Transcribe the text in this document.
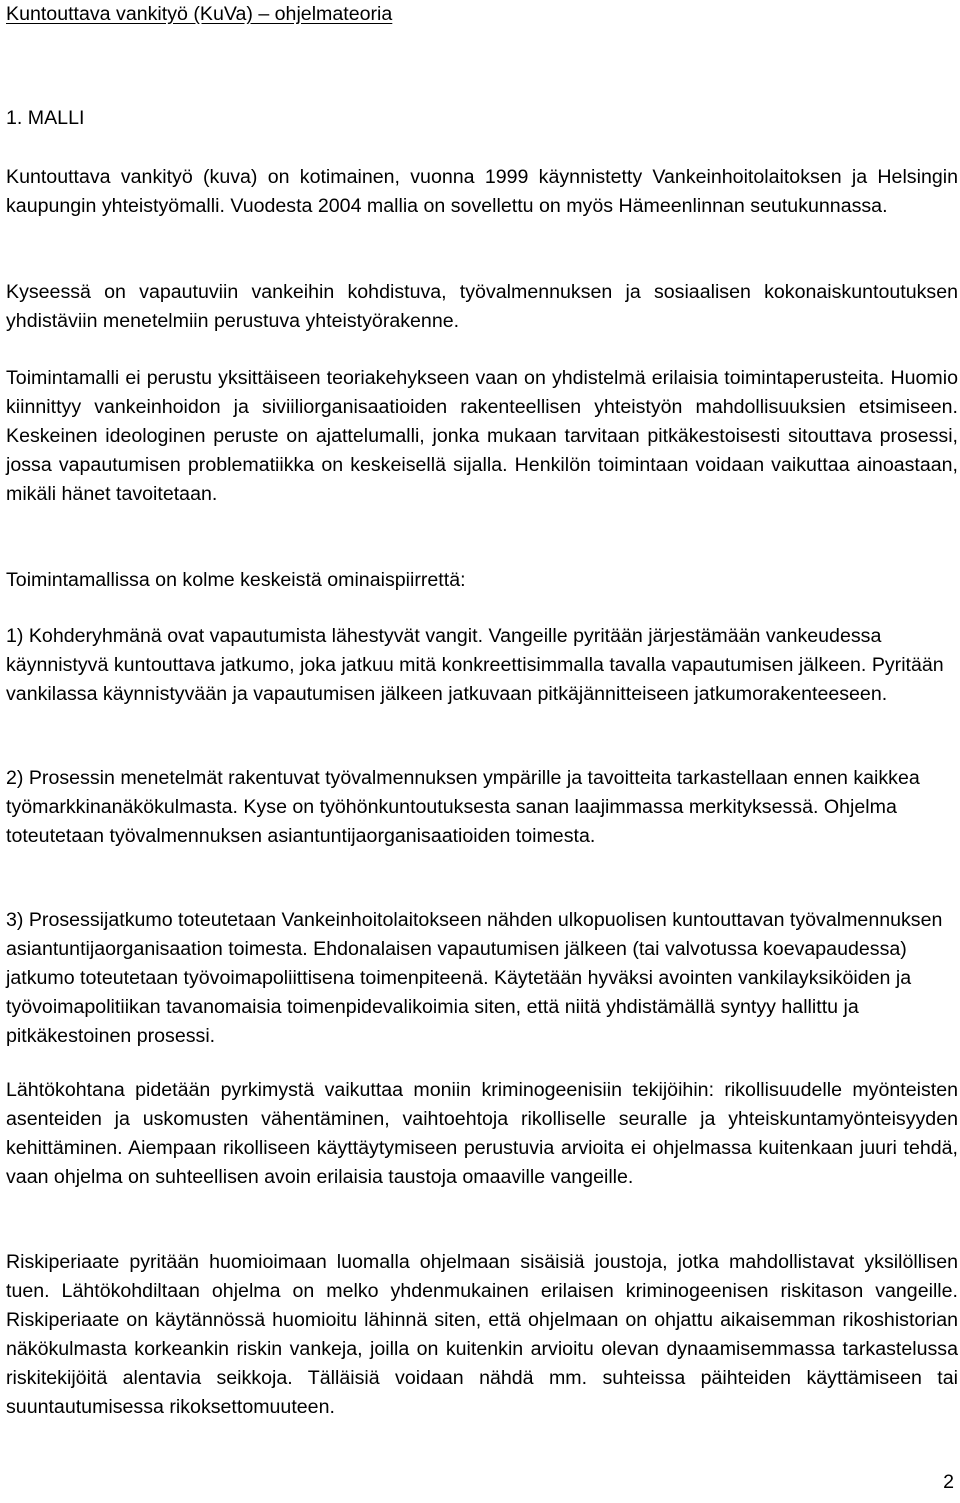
Kuntouttava vankityö (KuVa) – ohjelmateoria
1. MALLI

Kuntouttava vankityö (kuva) on kotimainen, vuonna 1999 käynnistetty Vankeinhoitolaitoksen ja Helsingin kaupungin yhteistyömalli. Vuodesta 2004 mallia on sovellettu on myös Hämeenlinnan seutukunnassa.

Kyseessä on vapautuviin vankeihin kohdistuva, työvalmennuksen ja sosiaalisen kokonaiskuntoutuksen yhdistäviin menetelmiin perustuva yhteistyörakenne.

Toimintamalli ei perustu yksittäiseen teoriakehykseen vaan on yhdistelmä erilaisia toimintaperusteita. Huomio kiinnittyy vankeinhoidon ja siviiliorganisaatioiden rakenteellisen yhteistyön mahdollisuuksien etsimiseen. Keskeinen ideologinen peruste on ajattelumalli, jonka mukaan tarvitaan pitkäkestoisesti sitouttava prosessi, jossa vapautumisen problematiikka on keskeisellä sijalla. Henkilön toimintaan voidaan vaikuttaa ainoastaan, mikäli hänet tavoitetaan.

Toimintamallissa on kolme keskeistä ominaispiirrettä:

1) Kohderyhmänä ovat vapautumista lähestyvät vangit. Vangeille pyritään järjestämään vankeudessa käynnistyvä kuntouttava jatkumo, joka jatkuu mitä konkreettisimmalla tavalla vapautumisen jälkeen. Pyritään vankilassa käynnistyvään ja vapautumisen jälkeen jatkuvaan pitkäjännitteiseen jatkumorakenteeseen.

2) Prosessin menetelmät rakentuvat työvalmennuksen ympärille ja tavoitteita tarkastellaan ennen kaikkea työmarkkinanäkökulmasta. Kyse on työhönkuntoutuksesta sanan laajimmassa merkityksessä. Ohjelma toteutetaan työvalmennuksen asiantuntijaorganisaatioiden toimesta.

3) Prosessijatkumo toteutetaan Vankeinhoitolaitokseen nähden ulkopuolisen kuntouttavan työvalmennuksen asiantuntijaorganisaation toimesta. Ehdonalaisen vapautumisen jälkeen (tai valvotussa koevapaudessa) jatkumo toteutetaan työvoimapoliittisena toimenpiteenä. Käytetään hyväksi avointen vankilayksiköiden ja työvoimapolitiikan tavanomaisia toimenpidevalikoimia siten, että niitä yhdistämällä syntyy hallittu ja pitkäkestoinen prosessi.

Lähtökohtana pidetään pyrkimystä vaikuttaa moniin kriminogeenisiin tekijöihin: rikollisuudelle myönteisten asenteiden ja uskomusten vähentäminen, vaihtoehtoja rikolliselle seuralle ja yhteiskuntamyönteisyyden kehittäminen. Aiempaan rikolliseen käyttäytymiseen perustuvia arvioita ei ohjelmassa kuitenkaan juuri tehdä, vaan ohjelma on suhteellisen avoin erilaisia taustoja omaaville vangeille.

Riskiperiaate pyritään huomioimaan luomalla ohjelmaan sisäisiä joustoja, jotka mahdollistavat yksilöllisen tuen. Lähtökohdiltaan ohjelma on melko yhdenmukainen erilaisen kriminogeenisen riskitason vangeille. Riskiperiaate on käytännössä huomioitu lähinnä siten, että ohjelmaan on ohjattu aikaisemman rikoshistorian näkökulmasta korkeankin riskin vankeja, joilla on kuitenkin arvioitu olevan dynaamisemmassa tarkastelussa riskitekijöitä alentavia seikkoja. Tälläisiä voidaan nähdä mm. suhteissa päihteiden käyttämiseen tai suuntautumisessa rikoksettomuuteen.

2
